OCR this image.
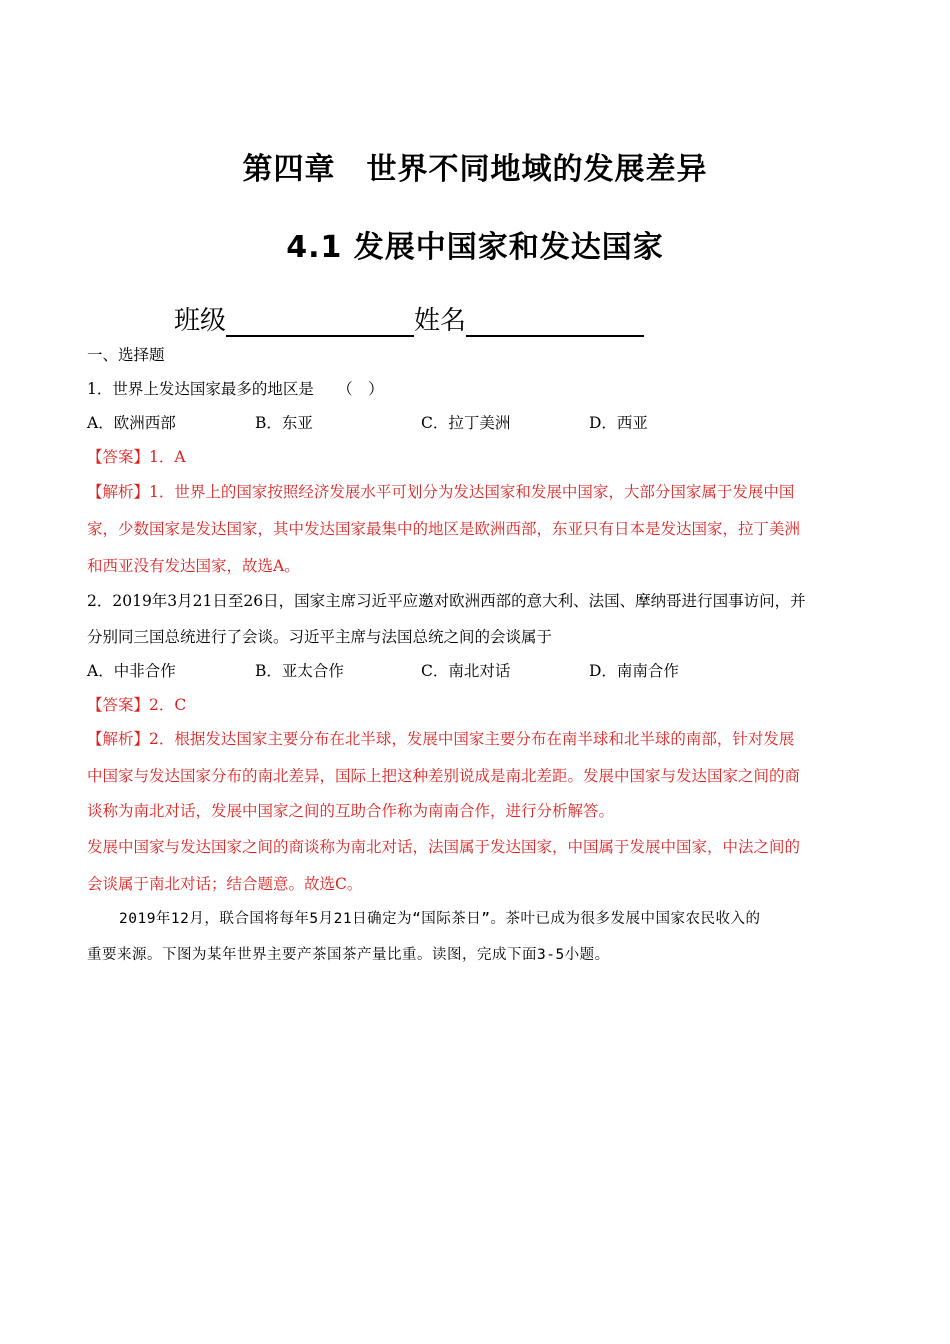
第四章　世界不同地域的发展差异
4.1 发展中国家和发达国家
班级	姓名
一、选择题
1．世界上发达国家最多的地区是　　（　）
A．欧洲西部	B．东亚	C．拉丁美洲	D．西亚
【答案】1．A
【解析】1．世界上的国家按照经济发展水平可划分为发达国家和发展中国家，大部分国家属于发展中国
家，少数国家是发达国家，其中发达国家最集中的地区是欧洲西部，东亚只有日本是发达国家，拉丁美洲
和西亚没有发达国家，故选A。
2．2019年3月21日至26日，国家主席习近平应邀对欧洲西部的意大利、法国、摩纳哥进行国事访问，并
分别同三国总统进行了会谈。习近平主席与法国总统之间的会谈属于
A．中非合作	B．亚太合作	C．南北对话	D．南南合作
【答案】2．C
【解析】2．根据发达国家主要分布在北半球，发展中国家主要分布在南半球和北半球的南部，针对发展
中国家与发达国家分布的南北差异，国际上把这种差别说成是南北差距。发展中国家与发达国家之间的商
谈称为南北对话，发展中国家之间的互助合作称为南南合作，进行分析解答。
发展中国家与发达国家之间的商谈称为南北对话，法国属于发达国家，中国属于发展中国家，中法之间的
会谈属于南北对话；结合题意。故选C。
2019年12月，联合国将每年5月21日确定为“国际茶日”。茶叶已成为很多发展中国家农民收入的
重要来源。下图为某年世界主要产茶国茶产量比重。读图，完成下面3-5小题。
